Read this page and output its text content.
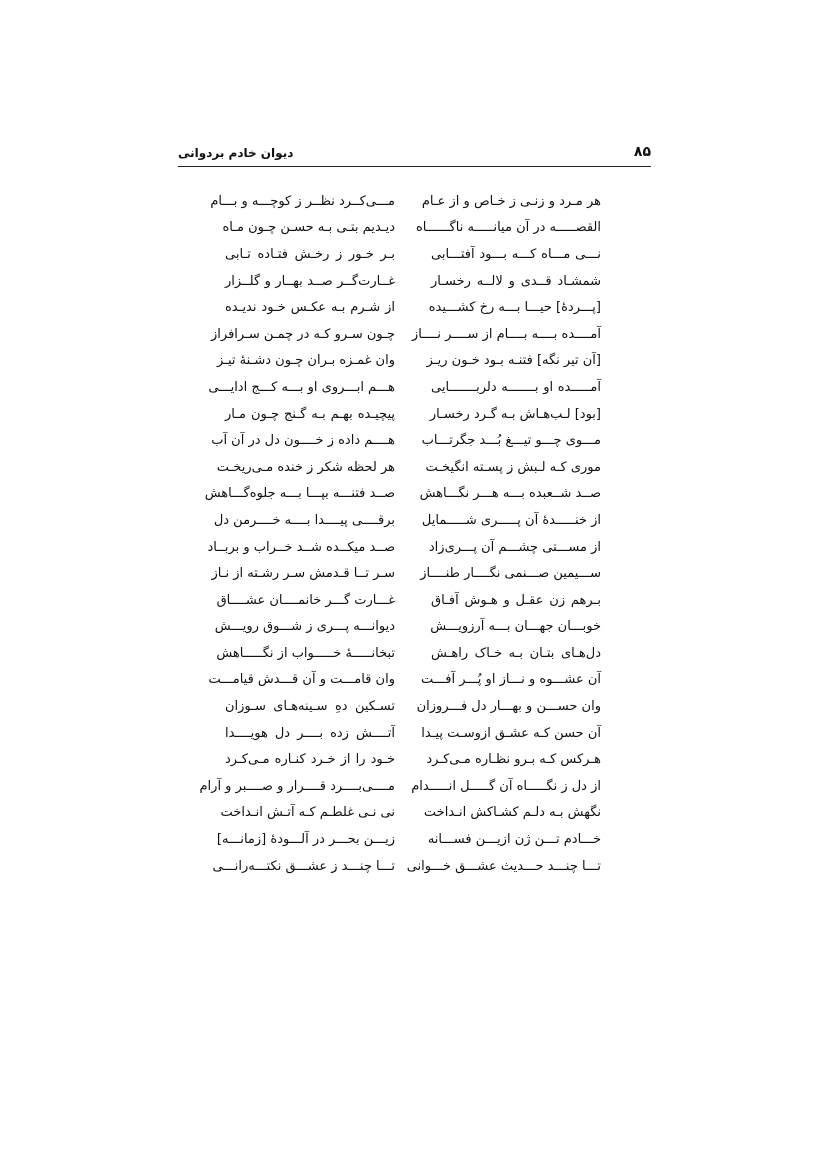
۸۵
دیوان خادم بردوانی
هر مـرد و زنـی ز خـاص و از عـام
مـــی‌کــرد نظــر ز کوچـــه و بـــام
القصـــــه در آن میانـــــه ناگــــــاه
دیـدیم بتـی بـه حسـن چـون مـاه
نـــی مـــاه کـــه بـــود آفتـــابی
بـر خـور ز رخـش فتـاده تـابی
شمشـاد قــدی و لالــه رخسـار
غــارت‌گــر صــد بهــار و گلــزار
[پـــردهٔ] حیـــا بـــه رخ کشـــیده
از شـرم بـه عکـس خـود ندیـده
آمــــده بــــه بــــام از ســــر نــــاز
چـون سـرو کـه در چمـن سـرافراز
[آن تیر نگه] فتنـه بـود خـون ریـز
وان غمـزه بـران چـون دشـنهٔ تیـز
آمـــــده او بـــــــه دلربـــــــایی
هـــم ابـــروی او بـــه کـــج ادایـــی
[بود] لـب‌هـاش بـه گـرد رخسـار
پیچیـده بهـم بـه گـنج چـون مـار
مـــوی چـــو تیـــغ بُـــد جگرتـــاب
هــــم داده ز خــــون دل در آن آب
موری کـه لـبش ز پسـته انگیخـت
هر لحظه شکر ز خنده مـی‌ریخـت
صــد شــعبده بـــه هـــر نگـــاهش
صــد فتنـــه بپـــا بـــه جلوه‌گـــاهش
از خنـــــدهٔ آن پـــــری شـــــمایل
برقــــی پیــــدا بــــه خــــرمن دل
از مســـتی چشـــم آن پـــری‌زاد
صــد میکــده شــد خــراب و بربــاد
ســـیمین صـــنمی نگــــار طنــــاز
سـر تــا قـدمش سـر رشـته از نـاز
بـرهم زن عقـل و هـوش آفـاق
غـــارت گـــر خانمــــان عشــــاق
خوبـــان جهـــان بـــه آرزویـــش
دیوانـــه پـــری ز شـــوق رویـــش
دل‌هـای بتـان بـه خـاک راهـش
تبخانـــــهٔ خـــــواب از نگـــــاهش
آن عشـــوه و نـــاز او پُـــر آفـــت
وان قامـــت و آن قـــدش قیامـــت
وان حســـن و بهـــار دل فـــروزان
تسـکین دهِ سـینه‌هـای سـوزان
آن حسن کـه عشـق ازوسـت پیـدا
آتــــش زده بــــر دل هویــــدا
هـرکس کـه بـرو نظـاره مـی‌کـرد
خـود را از خـرد کنـاره مـی‌کـرد
از دل ز نگـــــاه آن گـــــل انـــــدام
مــــی‌بــــرد قــــرار و صــــبر و آرام
نگهش بـه دلـم کشـاکش انـداخت
نی نـی غلطـم کـه آتـش انـداخت
خـــادم تـــن ژن ازیـــن فســـانه
زیـــن بحـــر در آلـــودهٔ [زمانـــه]
تـــا چنـــد حـــدیث عشـــق خـــوانی
تـــا چنـــد ز عشـــق نکتـــه‌رانـــی
